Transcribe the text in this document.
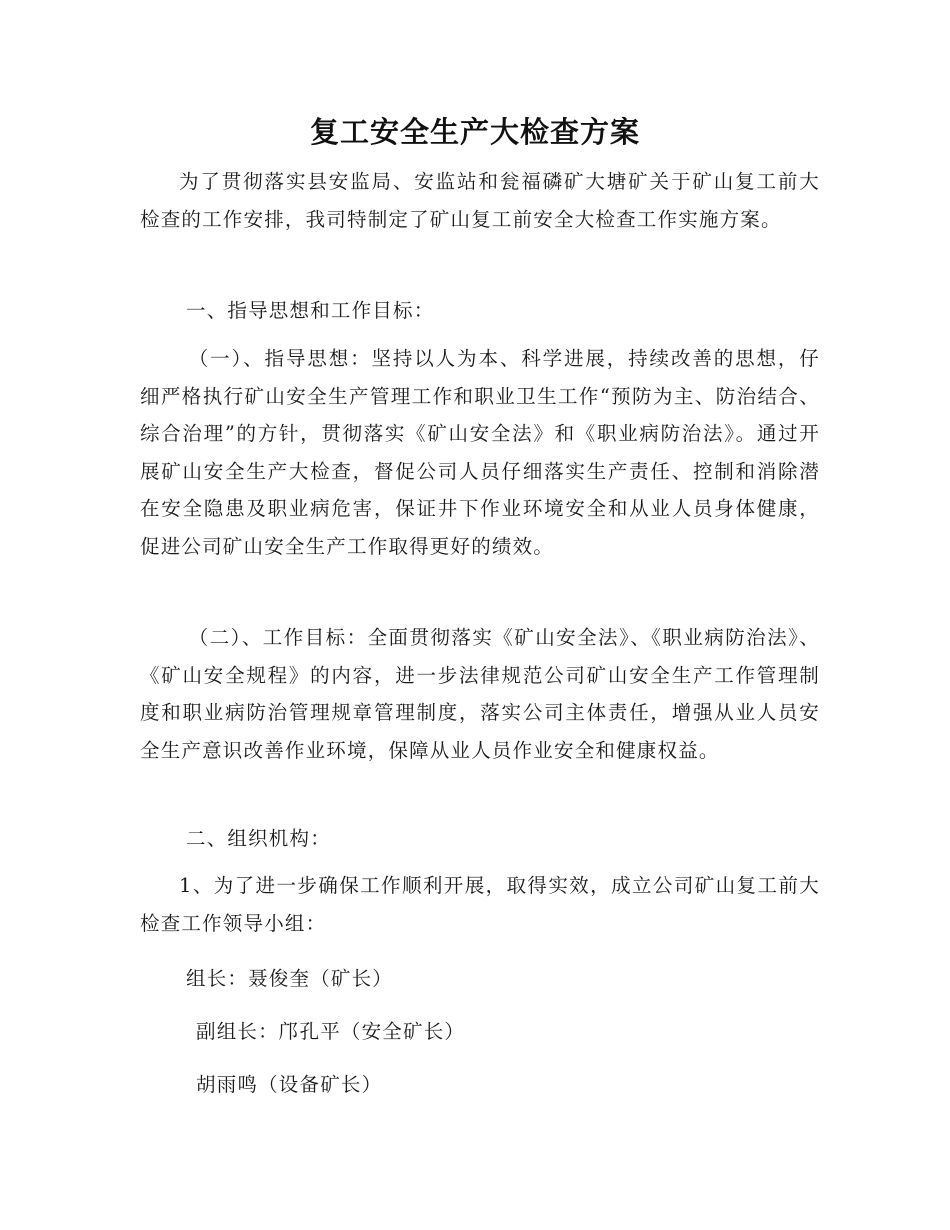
复工安全生产大检查方案

为了贯彻落实县安监局、安监站和瓮福磷矿大塘矿关于矿山复工前大检查的工作安排，我司特制定了矿山复工前安全大检查工作实施方案。

一、指导思想和工作目标：

（一）、指导思想：坚持以人为本、科学进展，持续改善的思想，仔细严格执行矿山安全生产管理工作和职业卫生工作“预防为主、防治结合、综合治理”的方针，贯彻落实《矿山安全法》和《职业病防治法》。通过开展矿山安全生产大检查，督促公司人员仔细落实生产责任、控制和消除潜在安全隐患及职业病危害，保证井下作业环境安全和从业人员身体健康，促进公司矿山安全生产工作取得更好的绩效。

（二）、工作目标：全面贯彻落实《矿山安全法》、《职业病防治法》、《矿山安全规程》的内容，进一步法律规范公司矿山安全生产工作管理制度和职业病防治管理规章管理制度，落实公司主体责任，增强从业人员安全生产意识改善作业环境，保障从业人员作业安全和健康权益。

二、组织机构：

1、为了进一步确保工作顺利开展，取得实效，成立公司矿山复工前大检查工作领导小组：

组长：聂俊奎（矿长）
副组长：邝孔平（安全矿长）
胡雨鸣（设备矿长）
